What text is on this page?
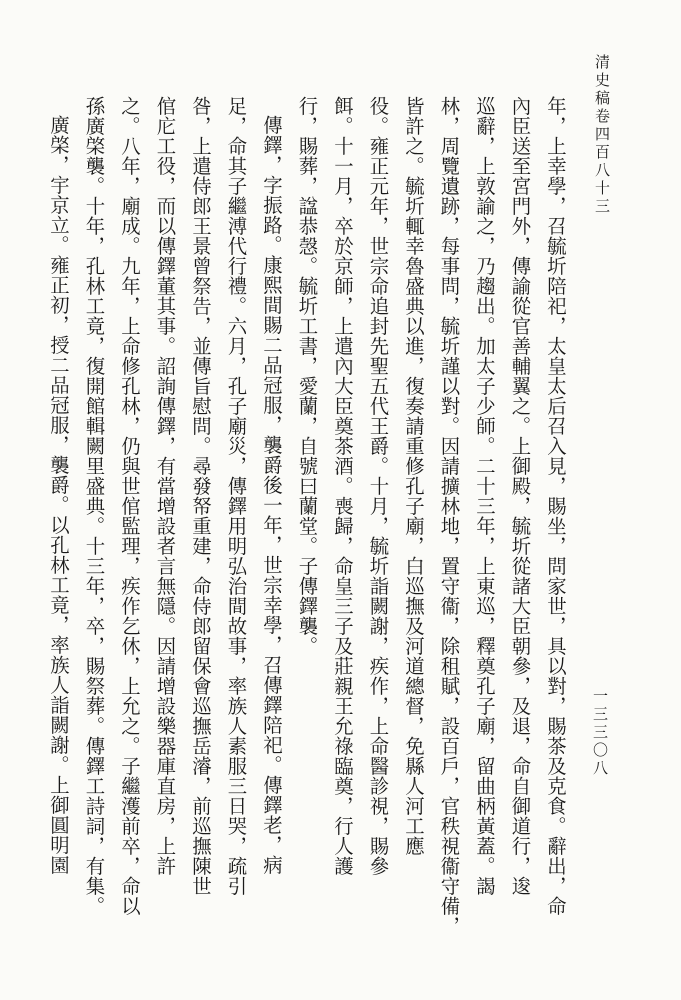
清史稿卷四百八十三
一三三〇八
年，上幸學，召毓圻陪祀，太皇太后召入見，賜坐，問家世，具以對，賜茶及克食。辭出，命
內臣送至宮門外，傳諭從官善輔翼之。上御殿，毓圻從諸大臣朝參，及退，命自御道行，逡
巡辭，上敦諭之，乃趨出。加太子少師。二十三年，上東巡，釋奠孔子廟，留曲柄黃蓋。謁
林，周覽遺跡，每事問，毓圻謹以對。因請擴林地，置守衞，除租賦，設百戶，官秩視衞守備，
皆許之。毓圻輒幸魯盛典以進，復奏請重修孔子廟，白巡撫及河道總督，免縣人河工應
役。雍正元年，世宗命追封先聖五代王爵。十月，毓圻詣闕謝，疾作，上命醫診視，賜參
餌。十一月，卒於京師，上遣內大臣奠茶酒。喪歸，命皇三子及莊親王允祿臨奠，行人護
行，賜葬，諡恭愨。毓圻工書，愛蘭，自號曰蘭堂。子傳鐸襲。
傳鐸，字振路。康熙間賜二品冠服，襲爵後一年，世宗幸學，召傳鐸陪祀。傳鐸老，病
足，命其子繼溥代行禮。六月，孔子廟災，傳鐸用明弘治間故事，率族人素服三日哭，疏引
咎，上遣侍郎王景曾祭告，並傳旨慰問。尋發帑重建，命侍郎留保會巡撫岳濬，前巡撫陳世
倌庀工役，而以傳鐸董其事。詔詢傳鐸，有當增設者言無隱。因請增設樂器庫直房，上許
之。八年，廟成。九年，上命修孔林，仍與世倌監理，疾作乞休，上允之。子繼濩前卒，命以
孫廣棨襲。十年，孔林工竟，復開館輯闕里盛典。十三年，卒，賜祭葬。傳鐸工詩詞，有集。
廣棨，宇京立。雍正初，授二品冠服，襲爵。以孔林工竟，率族人詣闕謝。上御圓明園
